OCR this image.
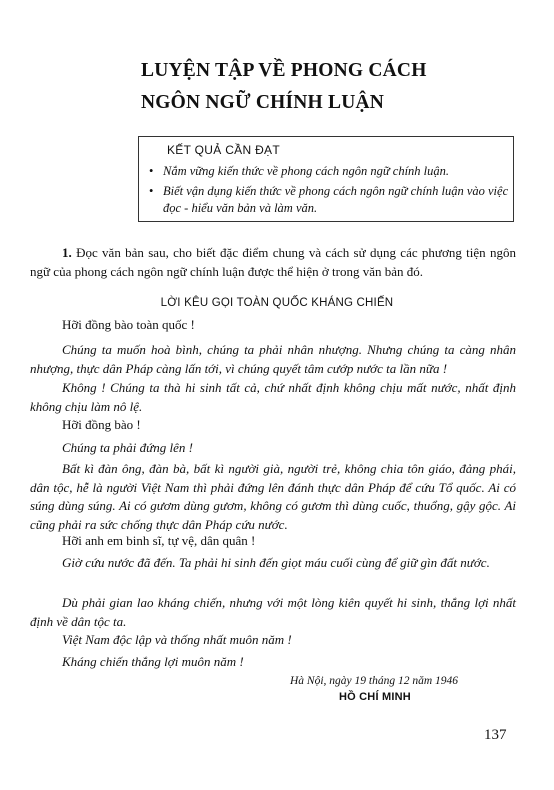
LUYỆN TẬP VỀ PHONG CÁCH
NGÔN NGỮ CHÍNH LUẬN
KẾT QUẢ CẦN ĐẠT
• Nắm vững kiến thức về phong cách ngôn ngữ chính luận.
• Biết vận dụng kiến thức về phong cách ngôn ngữ chính luận vào việc đọc - hiểu văn bản và làm văn.
1. Đọc văn bản sau, cho biết đặc điểm chung và cách sử dụng các phương tiện ngôn ngữ của phong cách ngôn ngữ chính luận được thể hiện ở trong văn bản đó.
LỜI KÊU GỌI TOÀN QUỐC KHÁNG CHIẾN
Hỡi đồng bào toàn quốc !
Chúng ta muốn hoà bình, chúng ta phải nhân nhượng. Nhưng chúng ta càng nhân nhượng, thực dân Pháp càng lấn tới, vì chúng quyết tâm cướp nước ta lần nữa !
Không ! Chúng ta thà hi sinh tất cả, chứ nhất định không chịu mất nước, nhất định không chịu làm nô lệ.
Hỡi đồng bào !
Chúng ta phải đứng lên !
Bất kì đàn ông, đàn bà, bất kì người già, người trẻ, không chia tôn giáo, đảng phái, dân tộc, hễ là người Việt Nam thì phải đứng lên đánh thực dân Pháp để cứu Tổ quốc. Ai có súng dùng súng. Ai có gươm dùng gươm, không có gươm thì dùng cuốc, thuổng, gậy gộc. Ai cũng phải ra sức chống thực dân Pháp cứu nước.
Hỡi anh em binh sĩ, tự vệ, dân quân !
Giờ cứu nước đã đến. Ta phải hi sinh đến giọt máu cuối cùng để giữ gìn đất nước.
Dù phải gian lao kháng chiến, nhưng với một lòng kiên quyết hi sinh, thắng lợi nhất định về dân tộc ta.
Việt Nam độc lập và thống nhất muôn năm !
Kháng chiến thắng lợi muôn năm !
Hà Nội, ngày 19 tháng 12 năm 1946
HỒ CHÍ MINH
137
